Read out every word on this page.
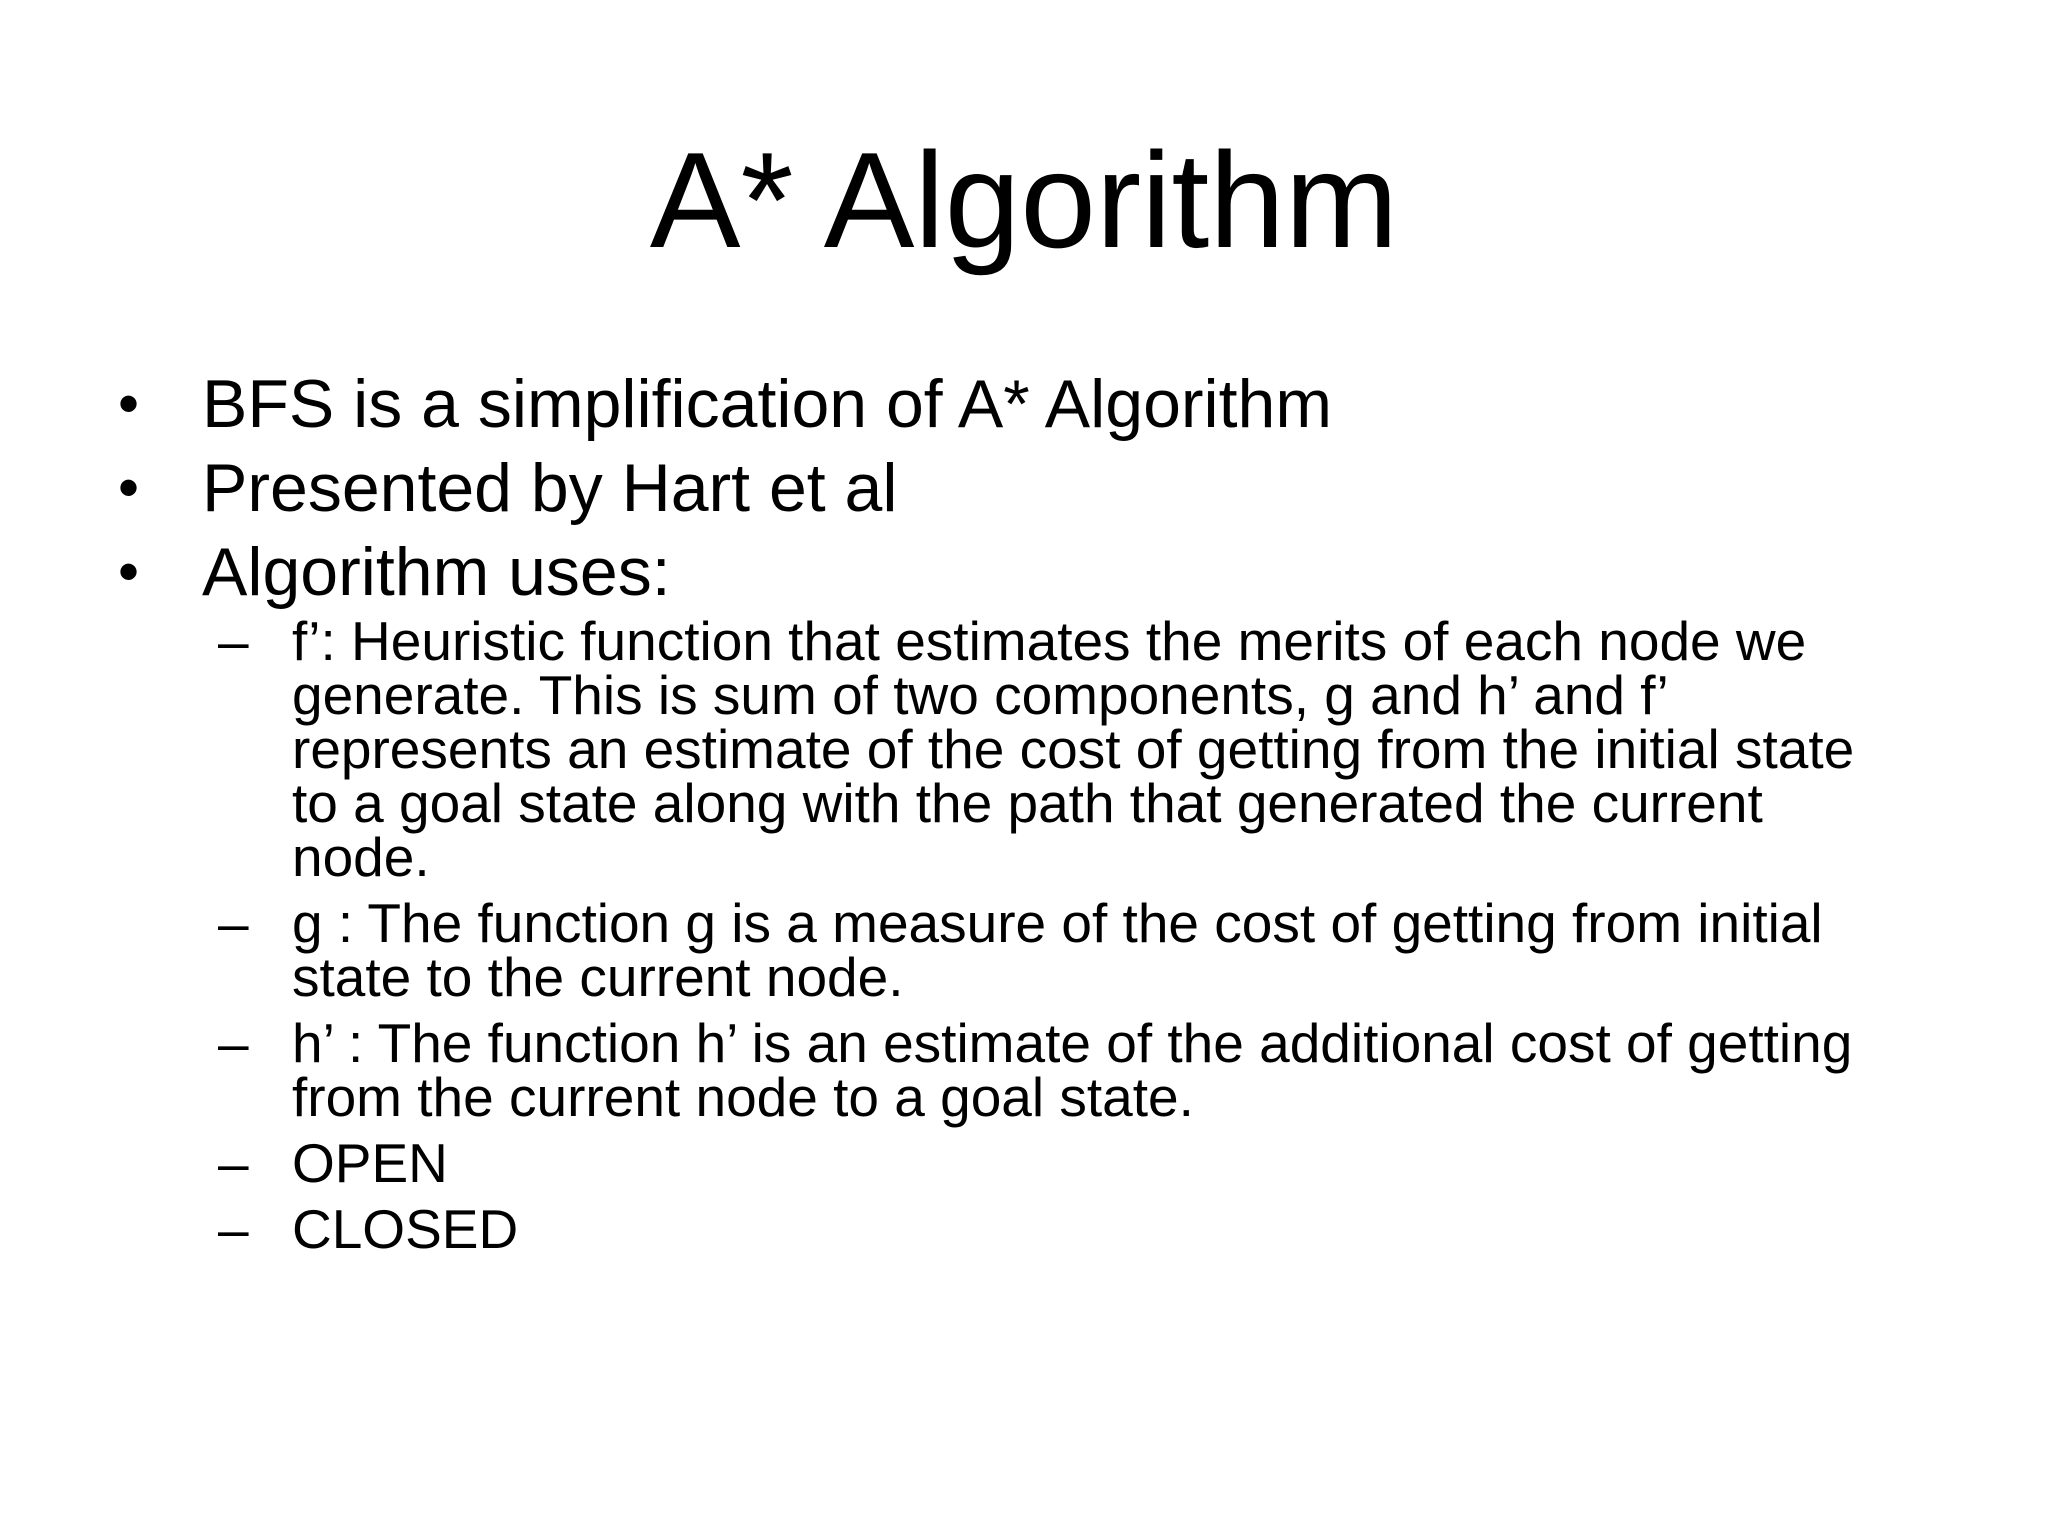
A* Algorithm
• BFS is a simplification of A* Algorithm
• Presented by Hart et al
• Algorithm uses:
– f’: Heuristic function that estimates the merits of each node we
generate. This is sum of two components, g and h’ and f’
represents an estimate of the cost of getting from the initial state
to a goal state along with the path that generated the current
node.
– g : The function g is a measure of the cost of getting from initial
state to the current node.
– h’ : The function h’ is an estimate of the additional cost of getting
from the current node to a goal state.
– OPEN
– CLOSED
